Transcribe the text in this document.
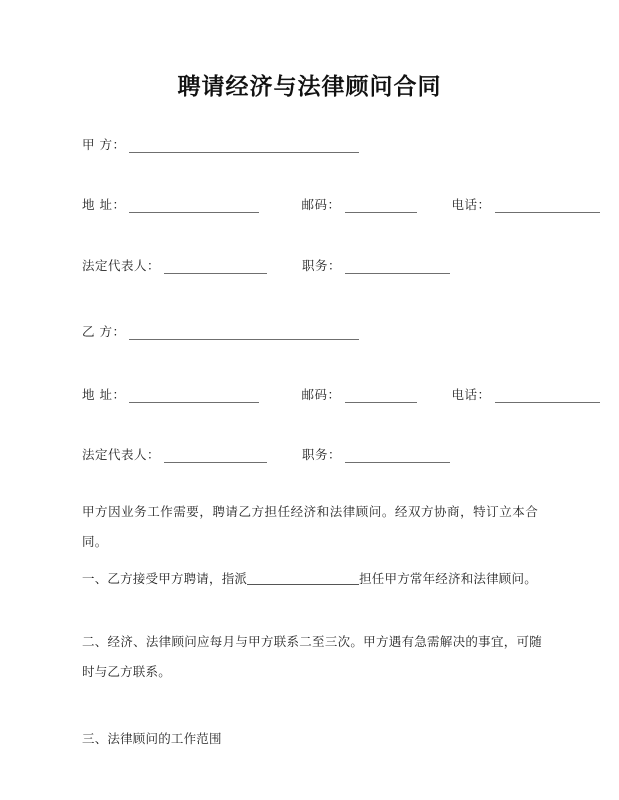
聘请经济与法律顾问合同
甲 方：
地 址：	邮码：	电话：
法定代表人：	职务：
乙 方：
地 址：	邮码：	电话：
法定代表人：	职务：
甲方因业务工作需要，聘请乙方担任经济和法律顾问。经双方协商，特订立本合同。
一、乙方接受甲方聘请，指派	担任甲方常年经济和法律顾问。
二、经济、法律顾问应每月与甲方联系二至三次。甲方遇有急需解决的事宜，可随时与乙方联系。
三、法律顾问的工作范围
